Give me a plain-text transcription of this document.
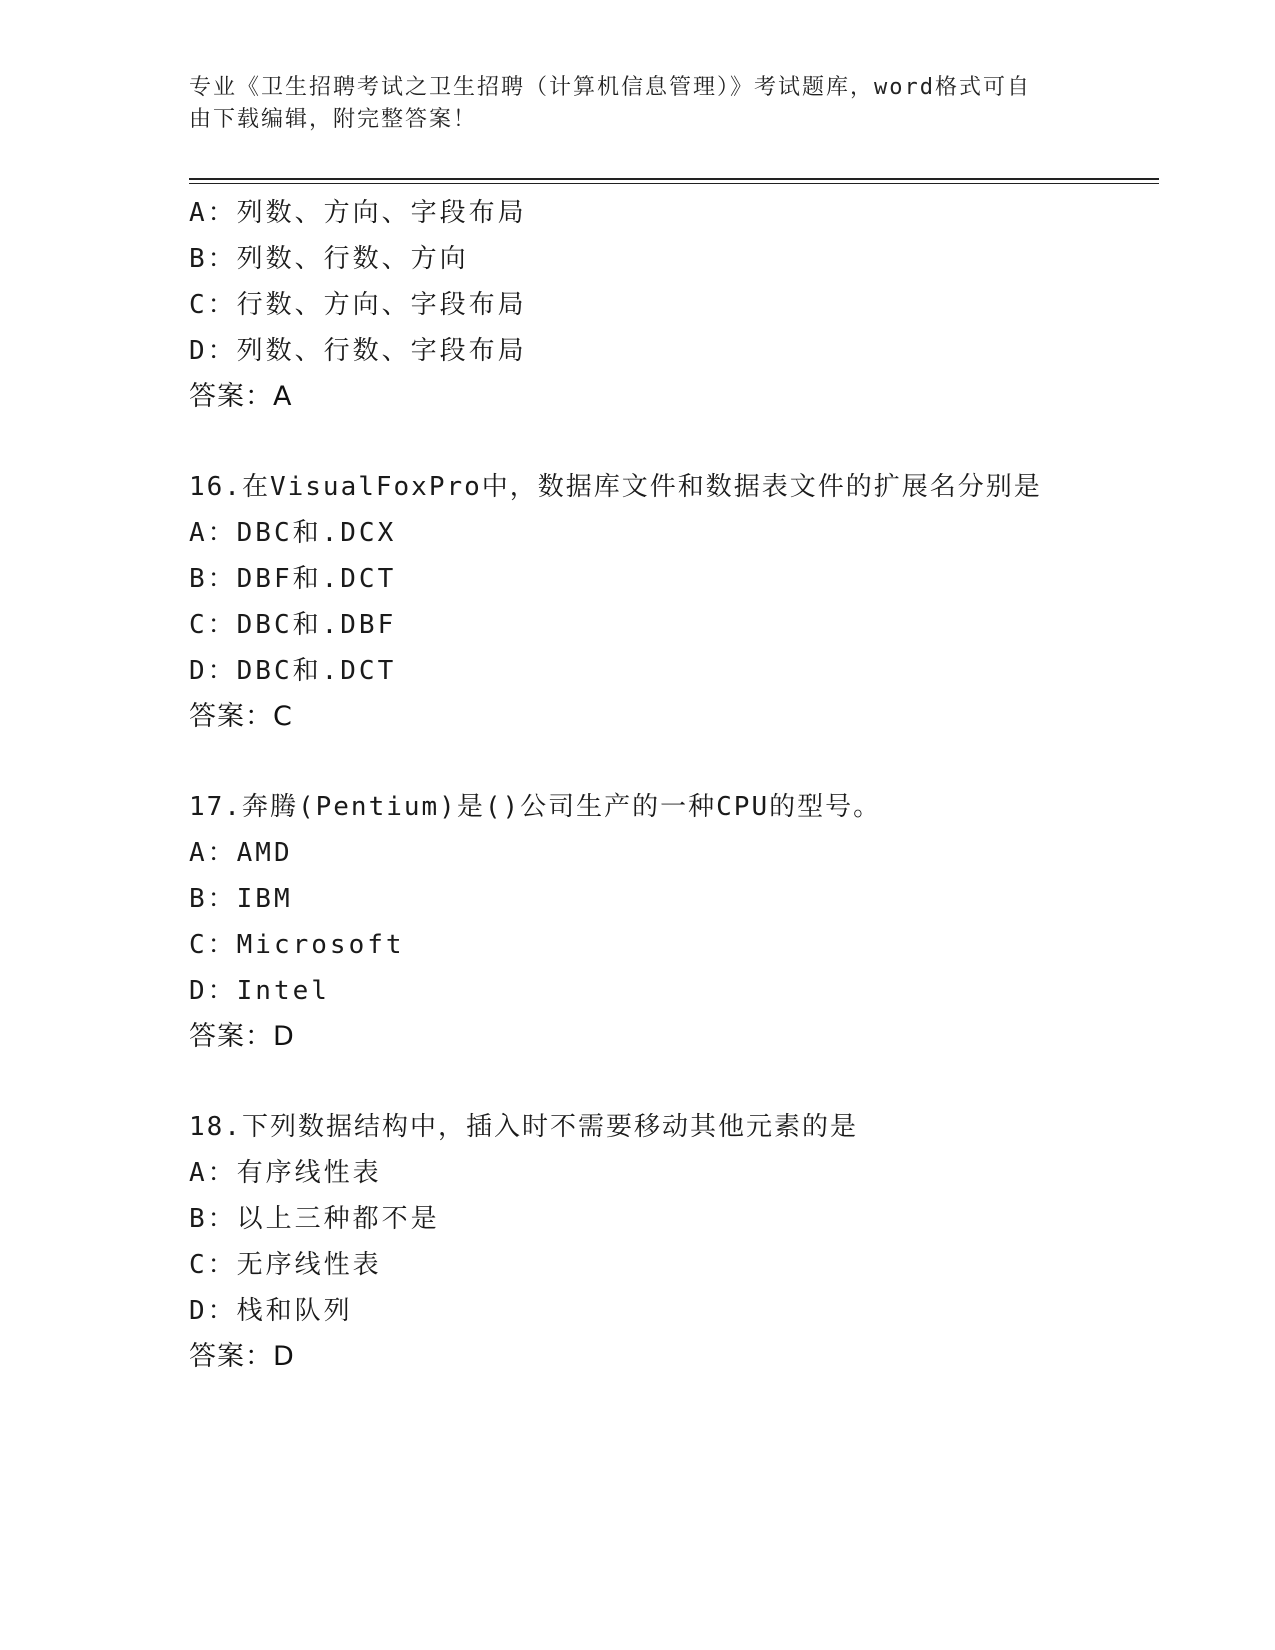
专业《卫生招聘考试之卫生招聘（计算机信息管理）》考试题库，word格式可自
由下载编辑，附完整答案！
A：列数、方向、字段布局
B：列数、行数、方向
C：行数、方向、字段布局
D：列数、行数、字段布局
答案：A
16.在VisualFoxPro中，数据库文件和数据表文件的扩展名分别是
A：DBC和.DCX
B：DBF和.DCT
C：DBC和.DBF
D：DBC和.DCT
答案：C
17.奔腾(Pentium)是()公司生产的一种CPU的型号。
A：AMD
B：IBM
C：Microsoft
D：Intel
答案：D
18.下列数据结构中，插入时不需要移动其他元素的是
A：有序线性表
B：以上三种都不是
C：无序线性表
D：栈和队列
答案：D
